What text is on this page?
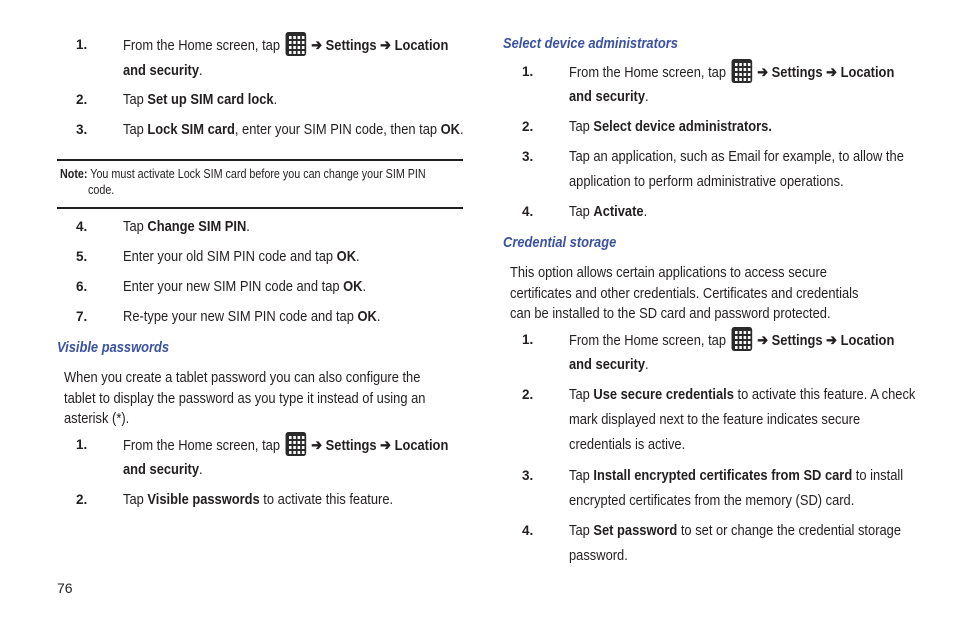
1. From the Home screen, tap ➔ Settings ➔ Location
and security.
2. Tap Set up SIM card lock.
3. Tap Lock SIM card, enter your SIM PIN code, then tap OK.
Note: You must activate Lock SIM card before you can change your SIM PIN
code.
4. Tap Change SIM PIN.
5. Enter your old SIM PIN code and tap OK.
6. Enter your new SIM PIN code and tap OK.
7. Re-type your new SIM PIN code and tap OK.
Visible passwords
When you create a tablet password you can also configure the
tablet to display the password as you type it instead of using an
asterisk (*).
1. From the Home screen, tap ➔ Settings ➔ Location
and security.
2. Tap Visible passwords to activate this feature.
Select device administrators
1. From the Home screen, tap ➔ Settings ➔ Location
and security.
2. Tap Select device administrators.
3. Tap an application, such as Email for example, to allow the
application to perform administrative operations.
4. Tap Activate.
Credential storage
This option allows certain applications to access secure
certificates and other credentials. Certificates and credentials
can be installed to the SD card and password protected.
1. From the Home screen, tap ➔ Settings ➔ Location
and security.
2. Tap Use secure credentials to activate this feature. A check
mark displayed next to the feature indicates secure
credentials is active.
3. Tap Install encrypted certificates from SD card to install
encrypted certificates from the memory (SD) card.
4. Tap Set password to set or change the credential storage
password.
76
